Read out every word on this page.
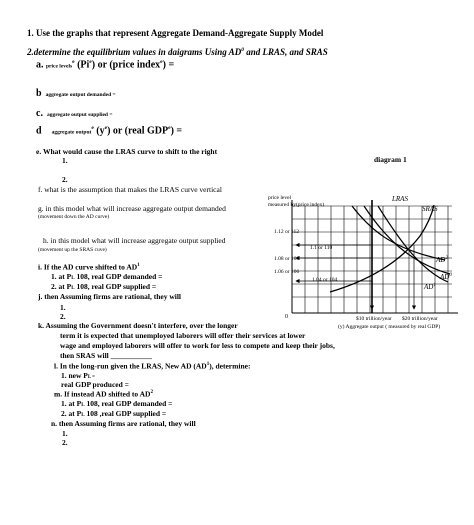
1. Use the graphs that represent Aggregate Demand-Aggregate Supply Model
2.determine the equilibrium values in daigrams Using $AD^0$ and LRAS, and SRAS
a. price levels$^e$ (Pi$^e$) or (price index$^e$) =
b aggregate output demanded =
c. aggregate output supplied =
d aggregate output$^e$ $(y^e)$ or (real $GDP^e$) =
e. What would cause the LRAS curve to shift to the right
1.
2.
diagram 1
f. what is the assumption that makes the LRAS curve vertical
g. in this model what will increase aggregate output demanded
(movement down the AD curve)
h. in this model what will increase aggregate output supplied
(movement up the SRAS cuve)
i. If the AD curve shifted to $AD^1$
1. at PL 108, real GDP demanded =
2. at PL 108, real GDP supplied =
j. then Assuming firms are rational, they will
1.
2.
k. Assuming the Government doesn't interfere, over the longer
term it is expected that unemployed laborers will offer their services at lower
wage and employed laborers will offer to work for less to compete and keep their jobs,
then SRAS will ___________
l. In the long-run given the LRAS, New AD $(AD^1)$, determine:
1. new PL =
real GDP produced =
m. If instead AD shifted to $AD^2$
1. at PL 108, real GDP demanded =
2. at PL 108 ,real GDP supplied =
n. then Assuming firms are rational, they will
1.
2.
price level
measured by(price index)
1.12 or 112
1.1 or 110
1.08 or 108
1.06 or 106
1.04 or 104
LRAS
SRAS
$AD^2$
$AD^0$
$AD^1$
0	$10 trillion/year $20 trillion/year
(y) Aggregate output ( measured by real GDP)
